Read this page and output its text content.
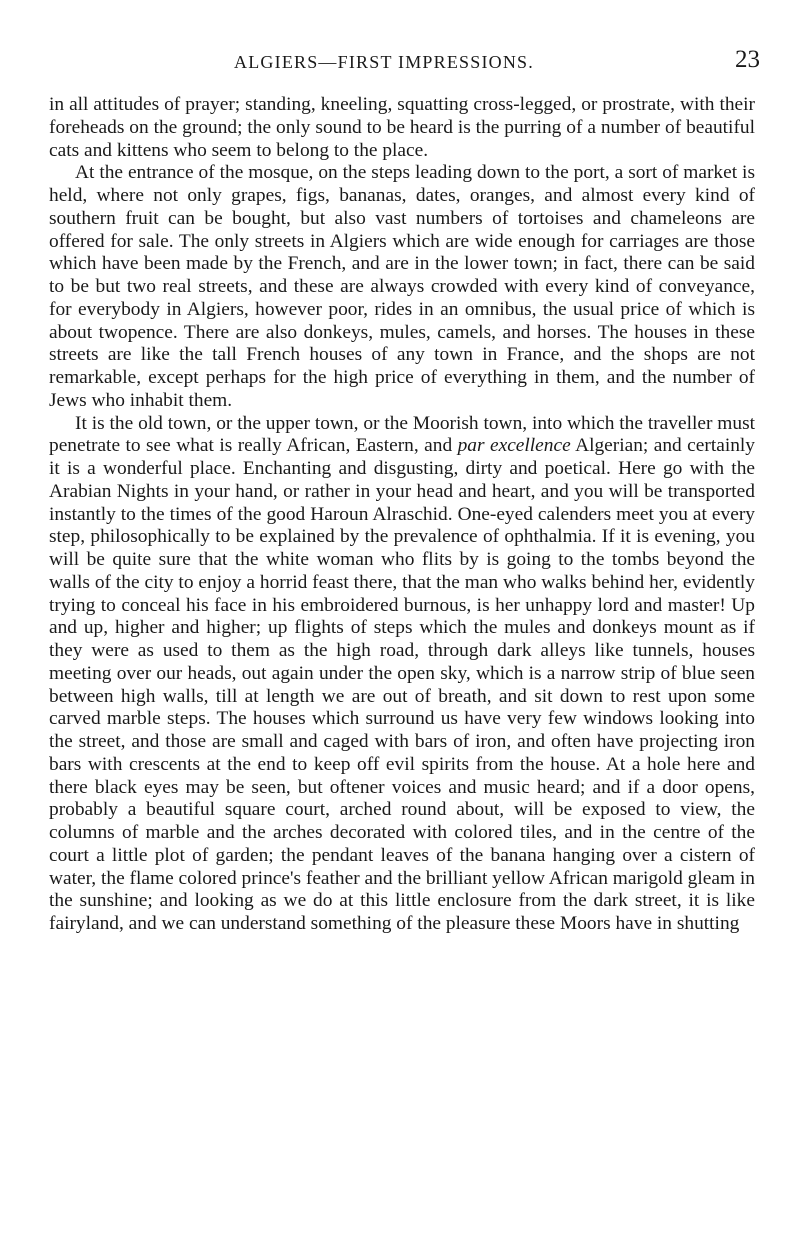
ALGIERS—FIRST IMPRESSIONS.	23

in all attitudes of prayer; standing, kneeling, squatting cross-legged, or prostrate, with their foreheads on the ground; the only sound to be heard is the purring of a number of beautiful cats and kittens who seem to belong to the place.

At the entrance of the mosque, on the steps leading down to the port, a sort of market is held, where not only grapes, figs, bananas, dates, oranges, and almost every kind of southern fruit can be bought, but also vast numbers of tortoises and chameleons are offered for sale. The only streets in Algiers which are wide enough for carriages are those which have been made by the French, and are in the lower town; in fact, there can be said to be but two real streets, and these are always crowded with every kind of conveyance, for everybody in Algiers, however poor, rides in an omnibus, the usual price of which is about twopence. There are also donkeys, mules, camels, and horses. The houses in these streets are like the tall French houses of any town in France, and the shops are not remarkable, except perhaps for the high price of everything in them, and the number of Jews who inhabit them.

It is the old town, or the upper town, or the Moorish town, into which the traveller must penetrate to see what is really African, Eastern, and par excellence Algerian; and certainly it is a wonderful place. Enchanting and disgusting, dirty and poetical. Here go with the Arabian Nights in your hand, or rather in your head and heart, and you will be transported instantly to the times of the good Haroun Alraschid. One-eyed calenders meet you at every step, philosophically to be explained by the prevalence of ophthalmia. If it is evening, you will be quite sure that the white woman who flits by is going to the tombs beyond the walls of the city to enjoy a horrid feast there, that the man who walks behind her, evidently trying to conceal his face in his embroidered burnous, is her unhappy lord and master! Up and up, higher and higher; up flights of steps which the mules and donkeys mount as if they were as used to them as the high road, through dark alleys like tunnels, houses meeting over our heads, out again under the open sky, which is a narrow strip of blue seen between high walls, till at length we are out of breath, and sit down to rest upon some carved marble steps. The houses which surround us have very few windows looking into the street, and those are small and caged with bars of iron, and often have projecting iron bars with crescents at the end to keep off evil spirits from the house. At a hole here and there black eyes may be seen, but oftener voices and music heard; and if a door opens, probably a beautiful square court, arched round about, will be exposed to view, the columns of marble and the arches decorated with colored tiles, and in the centre of the court a little plot of garden; the pendant leaves of the banana hanging over a cistern of water, the flame colored prince's feather and the brilliant yellow African marigold gleam in the sunshine; and looking as we do at this little enclosure from the dark street, it is like fairyland, and we can understand something of the pleasure these Moors have in shutting
